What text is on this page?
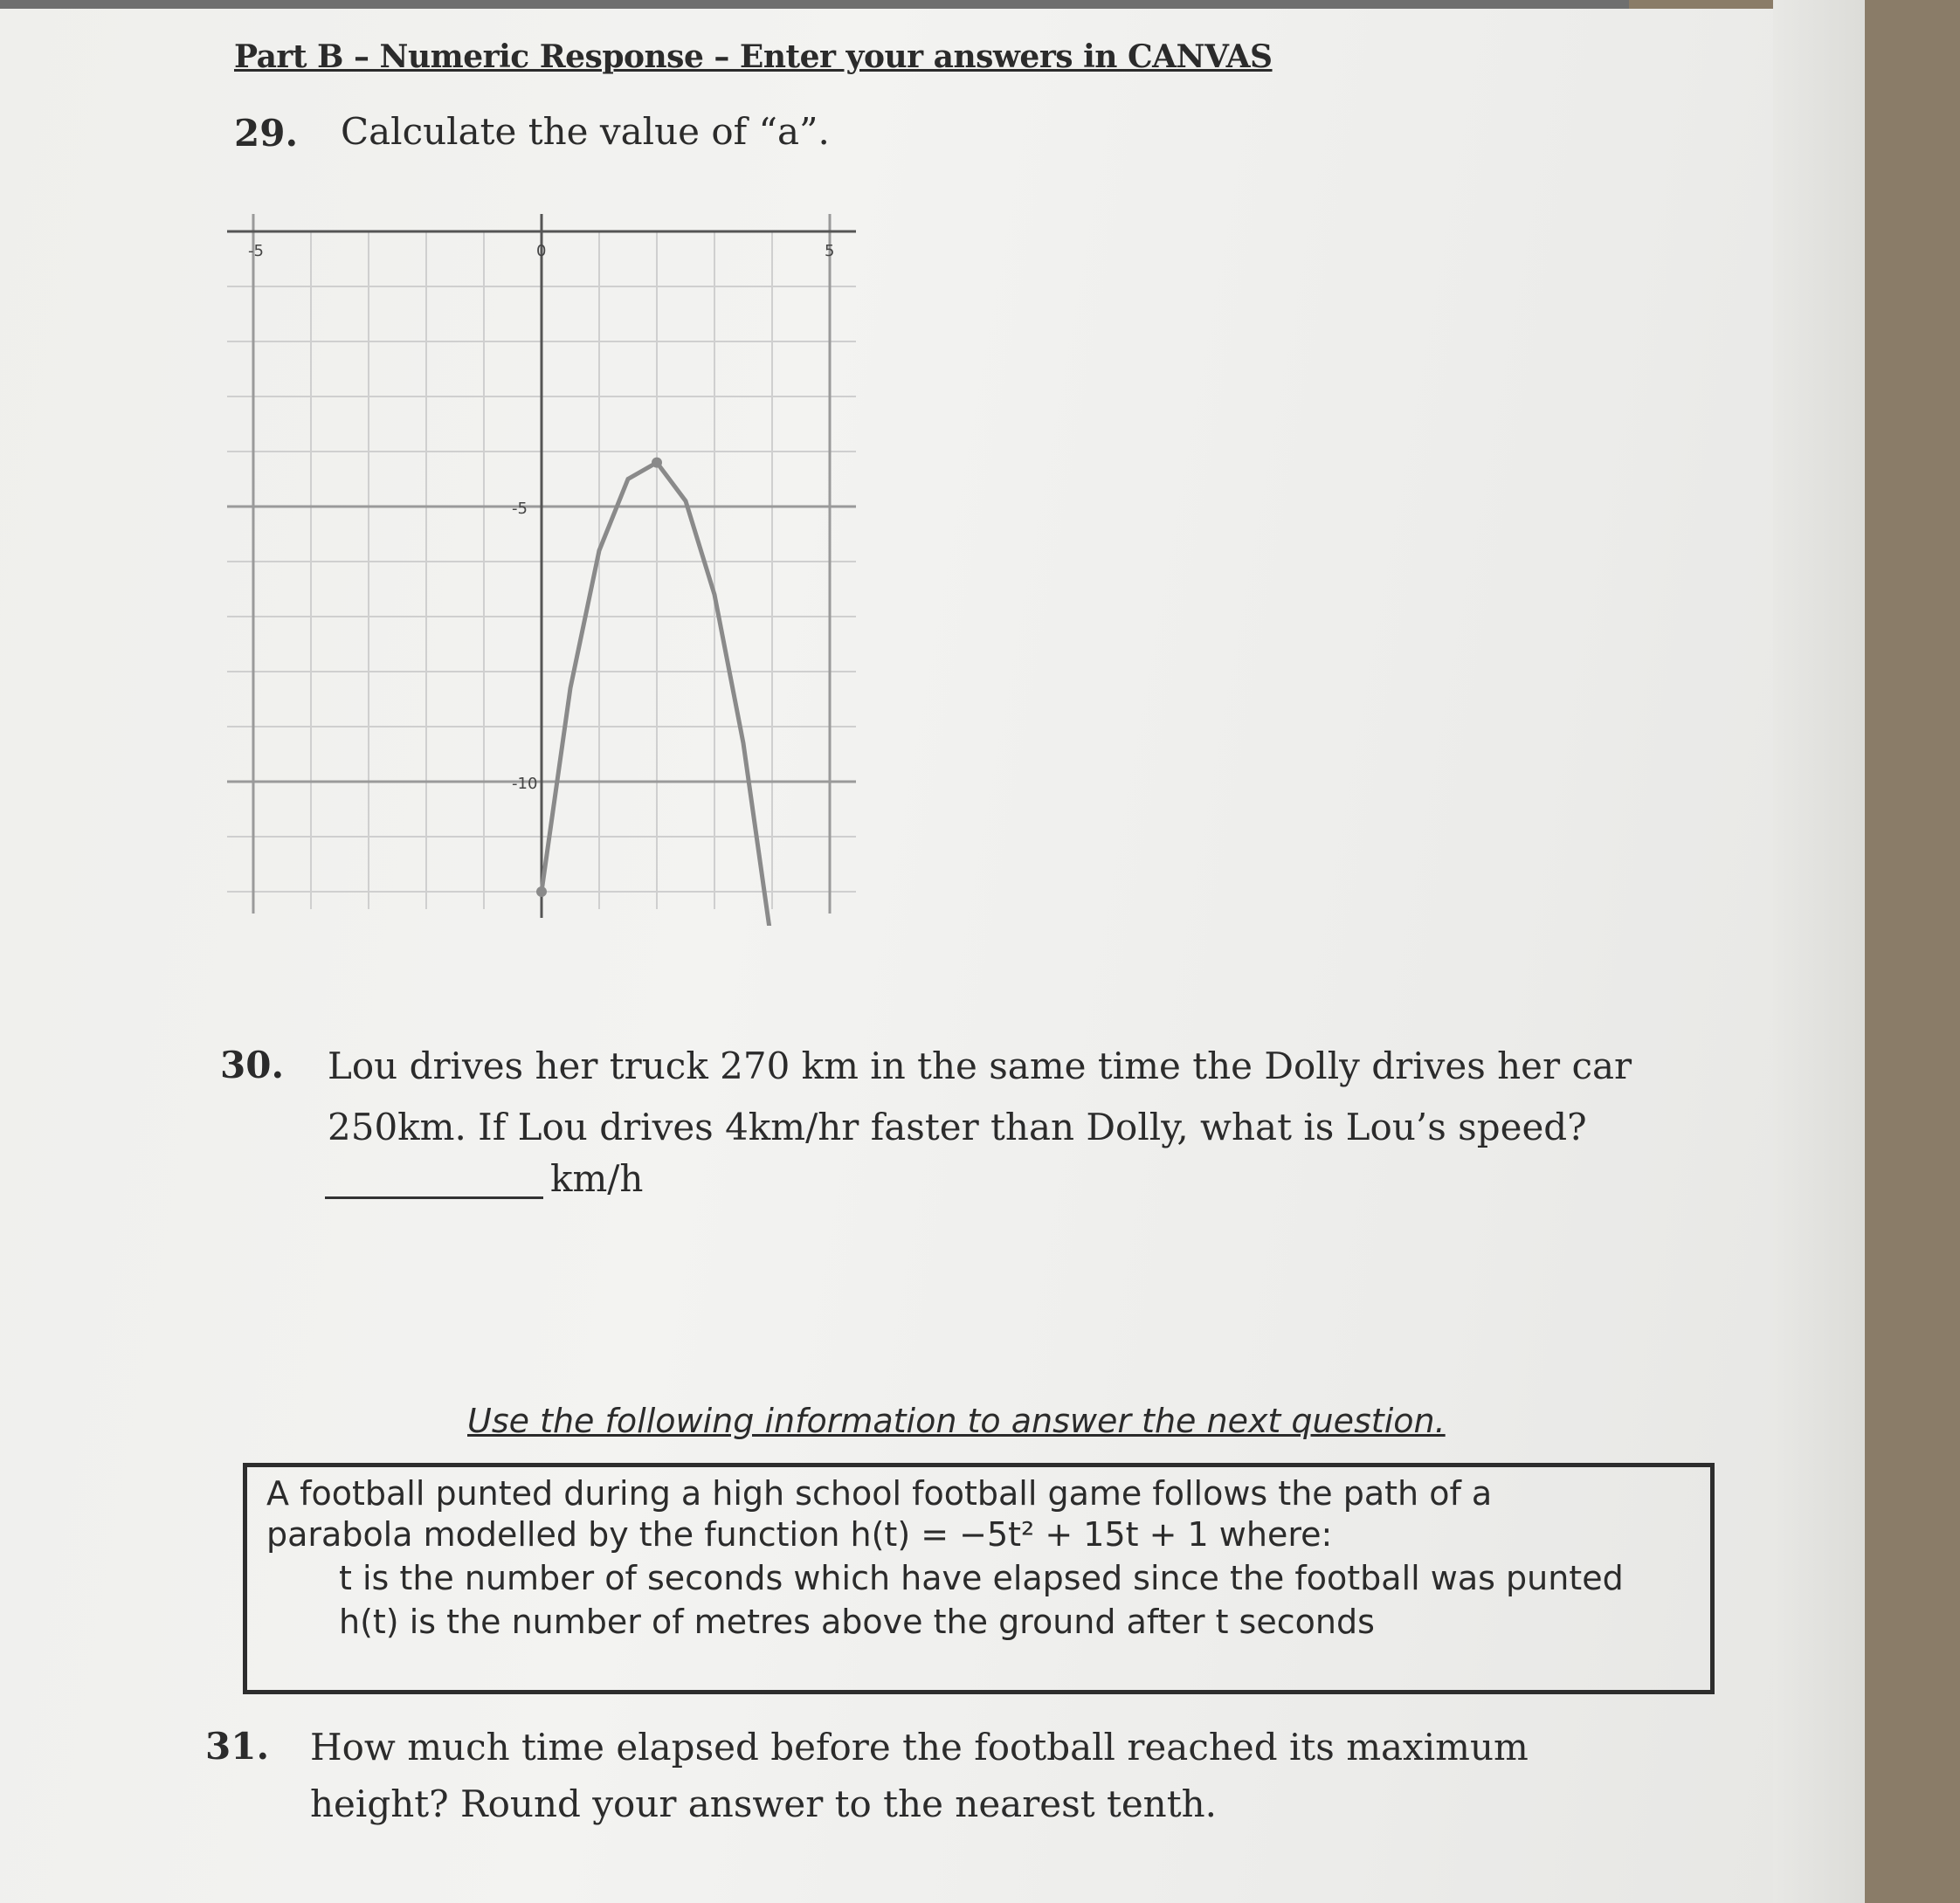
Part B – Numeric Response – Enter your answers in CANVAS
29. Calculate the value of “a”.
-5	0	5
-5
-10
30. Lou drives her truck 270 km in the same time the Dolly drives her car
250km. If Lou drives 4km/hr faster than Dolly, what is Lou’s speed?
km/h
Use the following information to answer the next question.
A football punted during a high school football game follows the path of a
parabola modelled by the function h(t) = −5t² + 15t + 1 where:
t is the number of seconds which have elapsed since the football was punted
h(t) is the number of metres above the ground after t seconds
31. How much time elapsed before the football reached its maximum
height? Round your answer to the nearest tenth.
